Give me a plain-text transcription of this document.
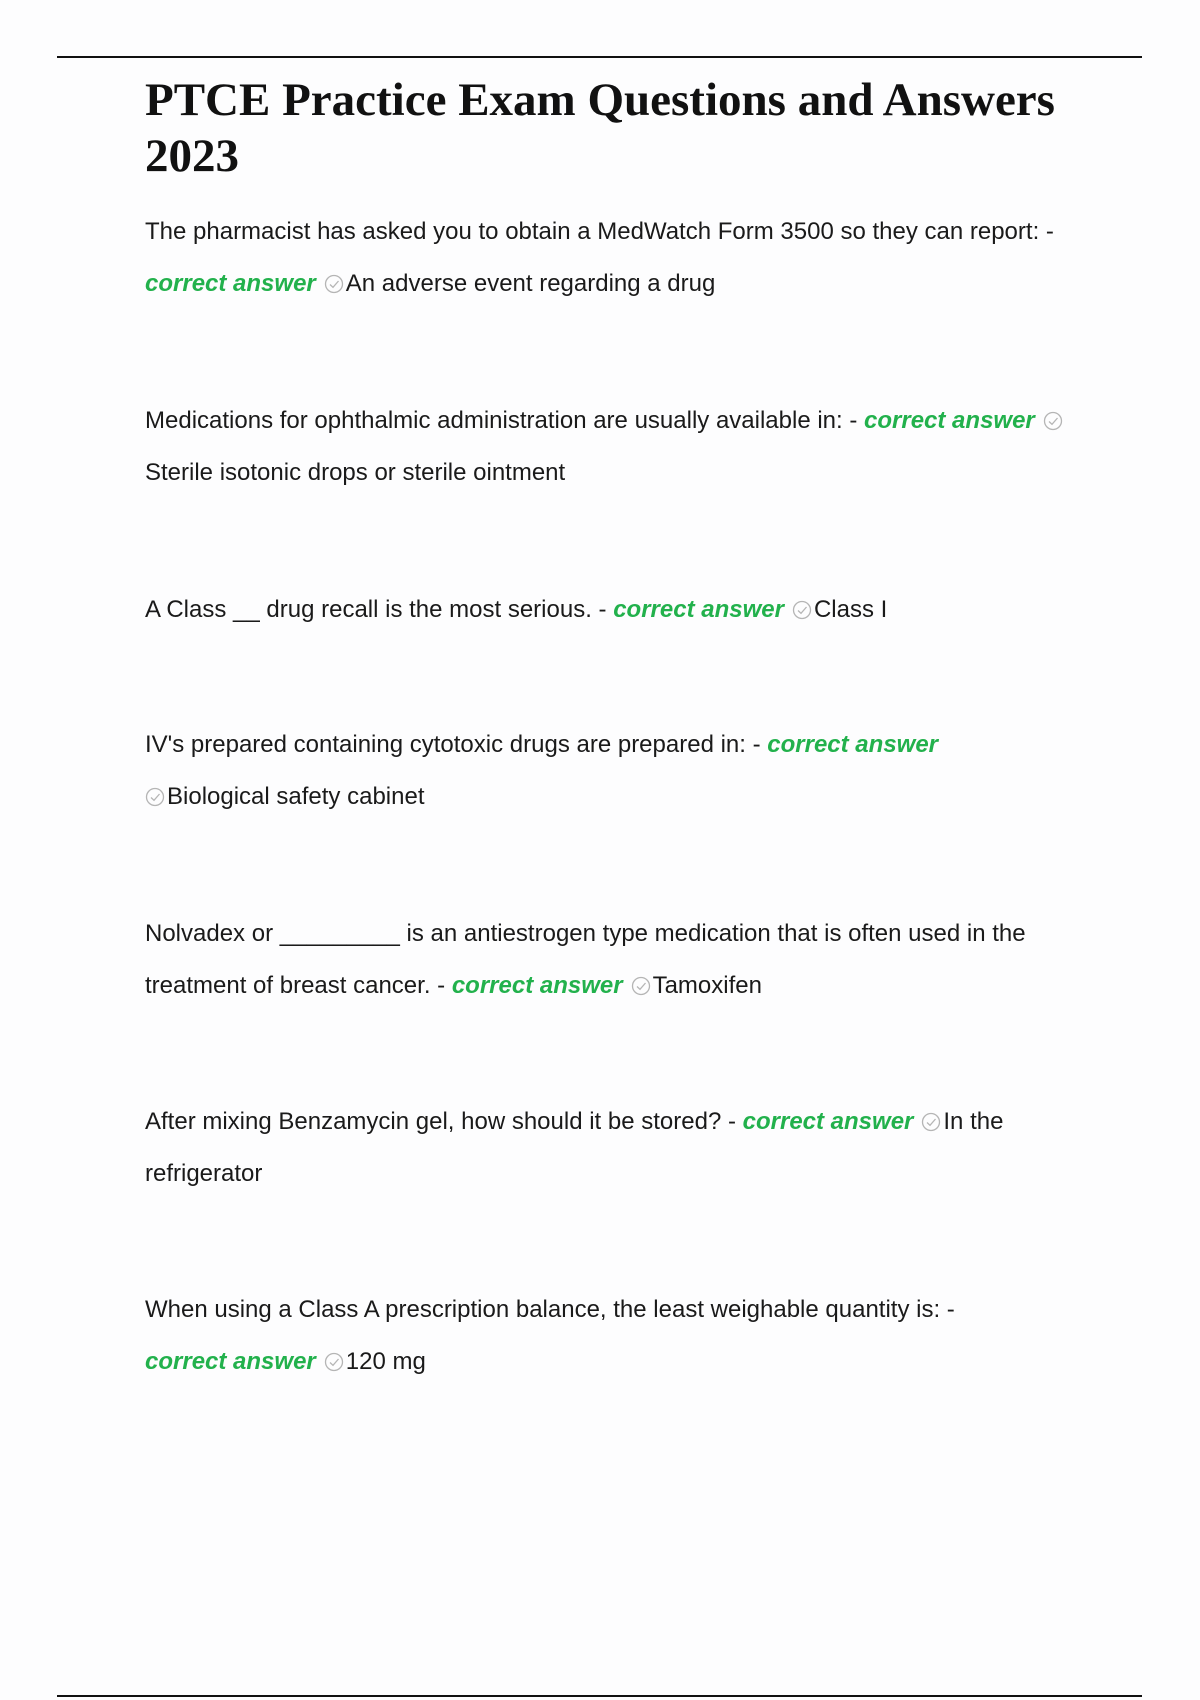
PTCE Practice Exam Questions and Answers 2023

The pharmacist has asked you to obtain a MedWatch Form 3500 so they can report: - correct answer An adverse event regarding a drug

Medications for ophthalmic administration are usually available in: - correct answer
Sterile isotonic drops or sterile ointment

A Class __ drug recall is the most serious. - correct answer Class I

IV's prepared containing cytotoxic drugs are prepared in: - correct answer

Biological safety cabinet

Nolvadex or _________ is an antiestrogen type medication that is often used in the treatment of breast cancer. - correct answer Tamoxifen

After mixing Benzamycin gel, how should it be stored? - correct answer In the refrigerator

When using a Class A prescription balance, the least weighable quantity is: -
correct answer 120 mg
